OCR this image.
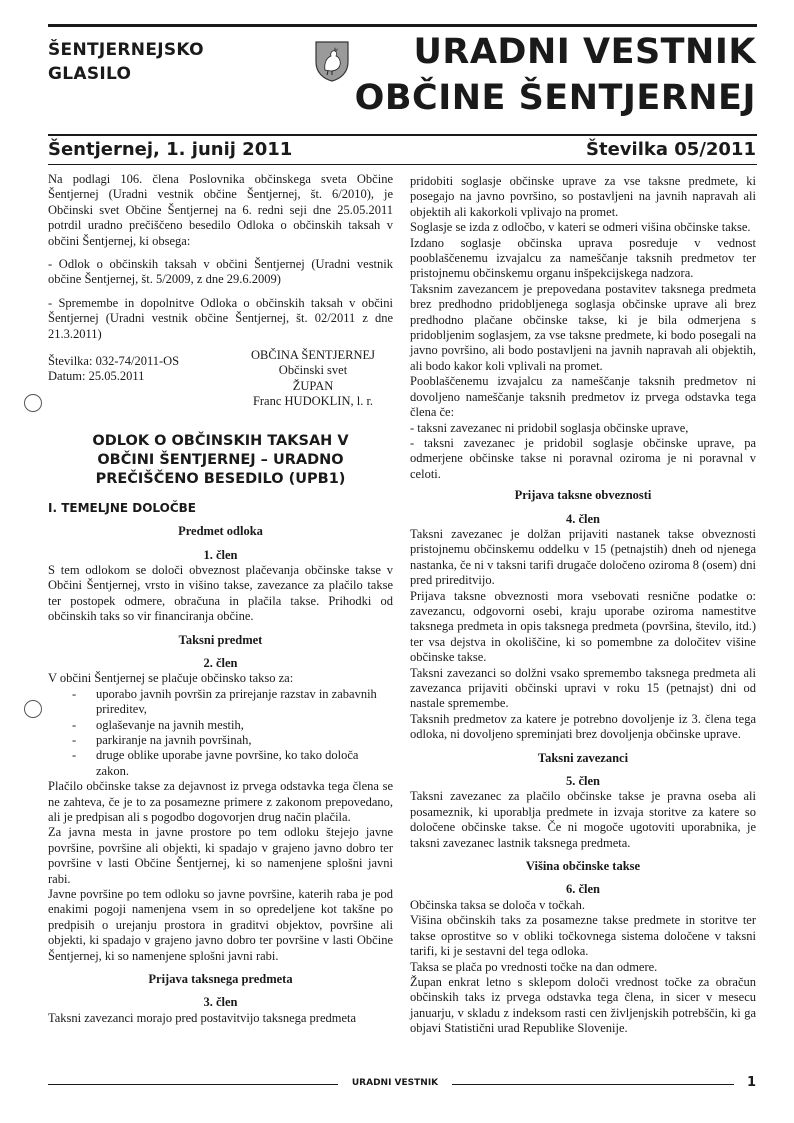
ŠENTJERNEJSKO
GLASILO
URADNI VESTNIK
OBČINE ŠENTJERNEJ
Šentjernej, 1. junij 2011	Številka 05/2011

Na podlagi 106. člena Poslovnika občinskega sveta Občine Šentjernej (Uradni vestnik občine Šentjernej, št. 6/2010), je Občinski svet Občine Šentjernej na 6. redni seji dne 25.05.2011 potrdil uradno prečiščeno besedilo Odloka o občinskih taksah v občini Šentjernej, ki obsega:

- Odlok o občinskih taksah v občini Šentjernej (Uradni vestnik občine Šentjernej, št. 5/2009, z dne 29.6.2009)

- Spremembe in dopolnitve Odloka o občinskih taksah v občini Šentjernej (Uradni vestnik občine Šentjernej, št. 02/2011 z dne 21.3.2011)

Številka: 032-74/2011-OS
Datum: 25.05.2011
OBČINA ŠENTJERNEJ
Občinski svet
ŽUPAN
Franc HUDOKLIN, l. r.
ODLOK O OBČINSKIH TAKSAH V OBČINI ŠENTJERNEJ – URADNO PREČIŠČENO BESEDILO (UPB1)
I. TEMELJNE DOLOČBE

Predmet odloka

1. člen

S tem odlokom se določi obveznost plačevanja občinske takse v Občini Šentjernej, vrsto in višino takse, zavezance za plačilo takse ter postopek odmere, obračuna in plačila takse. Prihodki od občinskih taks so vir financiranja občine.

Taksni predmet

2. člen

V občini Šentjernej se plačuje občinsko takso za:

- uporabo javnih površin za prirejanje razstav in zabavnih prireditev,
- oglaševanje na javnih mestih,
- parkiranje na javnih površinah,
- druge oblike uporabe javne površine, ko tako določa zakon.

Plačilo občinske takse za dejavnost iz prvega odstavka tega člena se ne zahteva, če je to za posamezne primere z zakonom prepovedano, ali je predpisan ali s pogodbo dogovorjen drug način plačila.

Za javna mesta in javne prostore po tem odloku štejejo javne površine, površine ali objekti, ki spadajo v grajeno javno dobro ter površine v lasti Občine Šentjernej, ki so namenjene splošni javni rabi.

Javne površine po tem odloku so javne površine, katerih raba je pod enakimi pogoji namenjena vsem in so opredeljene kot takšne po predpisih o urejanju prostora in graditvi objektov, površine ali objekti, ki spadajo v grajeno javno dobro ter površine v lasti Občine Šentjernej, ki so namenjene splošni javni rabi.

Prijava taksnega predmeta

3. člen

Taksni zavezanci morajo pred postavitvijo taksnega predmeta

pridobiti soglasje občinske uprave za vse taksne predmete, ki posegajo na javno površino, so postavljeni na javnih napravah ali objektih ali kakorkoli vplivajo na promet.

Soglasje se izda z odločbo, v kateri se odmeri višina občinske takse.

Izdano soglasje občinska uprava posreduje v vednost pooblaščenemu izvajalcu za nameščanje taksnih predmetov ter pristojnemu občinskemu organu inšpekcijskega nadzora.

Taksnim zavezancem je prepovedana postavitev taksnega predmeta brez predhodno pridobljenega soglasja občinske uprave ali brez predhodno plačane občinske takse, ki je bila odmerjena s pridobljenim soglasjem, za vse taksne predmete, ki bodo posegali na javno površino, ali bodo postavljeni na javnih napravah ali objektih, ali bodo kakor koli vplivali na promet.

Pooblaščenemu izvajalcu za nameščanje taksnih predmetov ni dovoljeno nameščanje taksnih predmetov iz prvega odstavka tega člena če:

- taksni zavezanec ni pridobil soglasja občinske uprave,

- taksni zavezanec je pridobil soglasje občinske uprave, pa odmerjene občinske takse ni poravnal oziroma je ni poravnal v celoti.

Prijava taksne obveznosti

4. člen

Taksni zavezanec je dolžan prijaviti nastanek takse obveznosti pristojnemu občinskemu oddelku v 15 (petnajstih) dneh od njenega nastanka, če ni v taksni tarifi drugače določeno oziroma 8 (osem) dni pred prireditvijo.

Prijava taksne obveznosti mora vsebovati resnične podatke o: zavezancu, odgovorni osebi, kraju uporabe oziroma namestitve taksnega predmeta in opis taksnega predmeta (površina, število, itd.) ter vsa dejstva in okoliščine, ki so pomembne za določitev višine občinske takse.

Taksni zavezanci so dolžni vsako spremembo taksnega predmeta ali zavezanca prijaviti občinski upravi v roku 15 (petnajst) dni od nastale spremembe.

Taksnih predmetov za katere je potrebno dovoljenje iz 3. člena tega odloka, ni dovoljeno spreminjati brez dovoljenja občinske uprave.

Taksni zavezanci

5. člen

Taksni zavezanec za plačilo občinske takse je pravna oseba ali posameznik, ki uporablja predmete in izvaja storitve za katere so določene občinske takse. Če ni mogoče ugotoviti uporabnika, je taksni zavezanec lastnik taksnega predmeta.

Višina občinske takse

6. člen

Občinska taksa se določa v točkah.

Višina občinskih taks za posamezne takse predmete in storitve ter takse oprostitve so v obliki točkovnega sistema določene v taksni tarifi, ki je sestavni del tega odloka.

Taksa se plača po vrednosti točke na dan odmere.

Župan enkrat letno s sklepom določi vrednost točke za obračun občinskih taks iz prvega odstavka tega člena, in sicer v mesecu januarju, v skladu z indeksom rasti cen življenjskih potrebščin, ki ga objavi Statistični urad Republike Slovenije.

URADNI VESTNIK	1
